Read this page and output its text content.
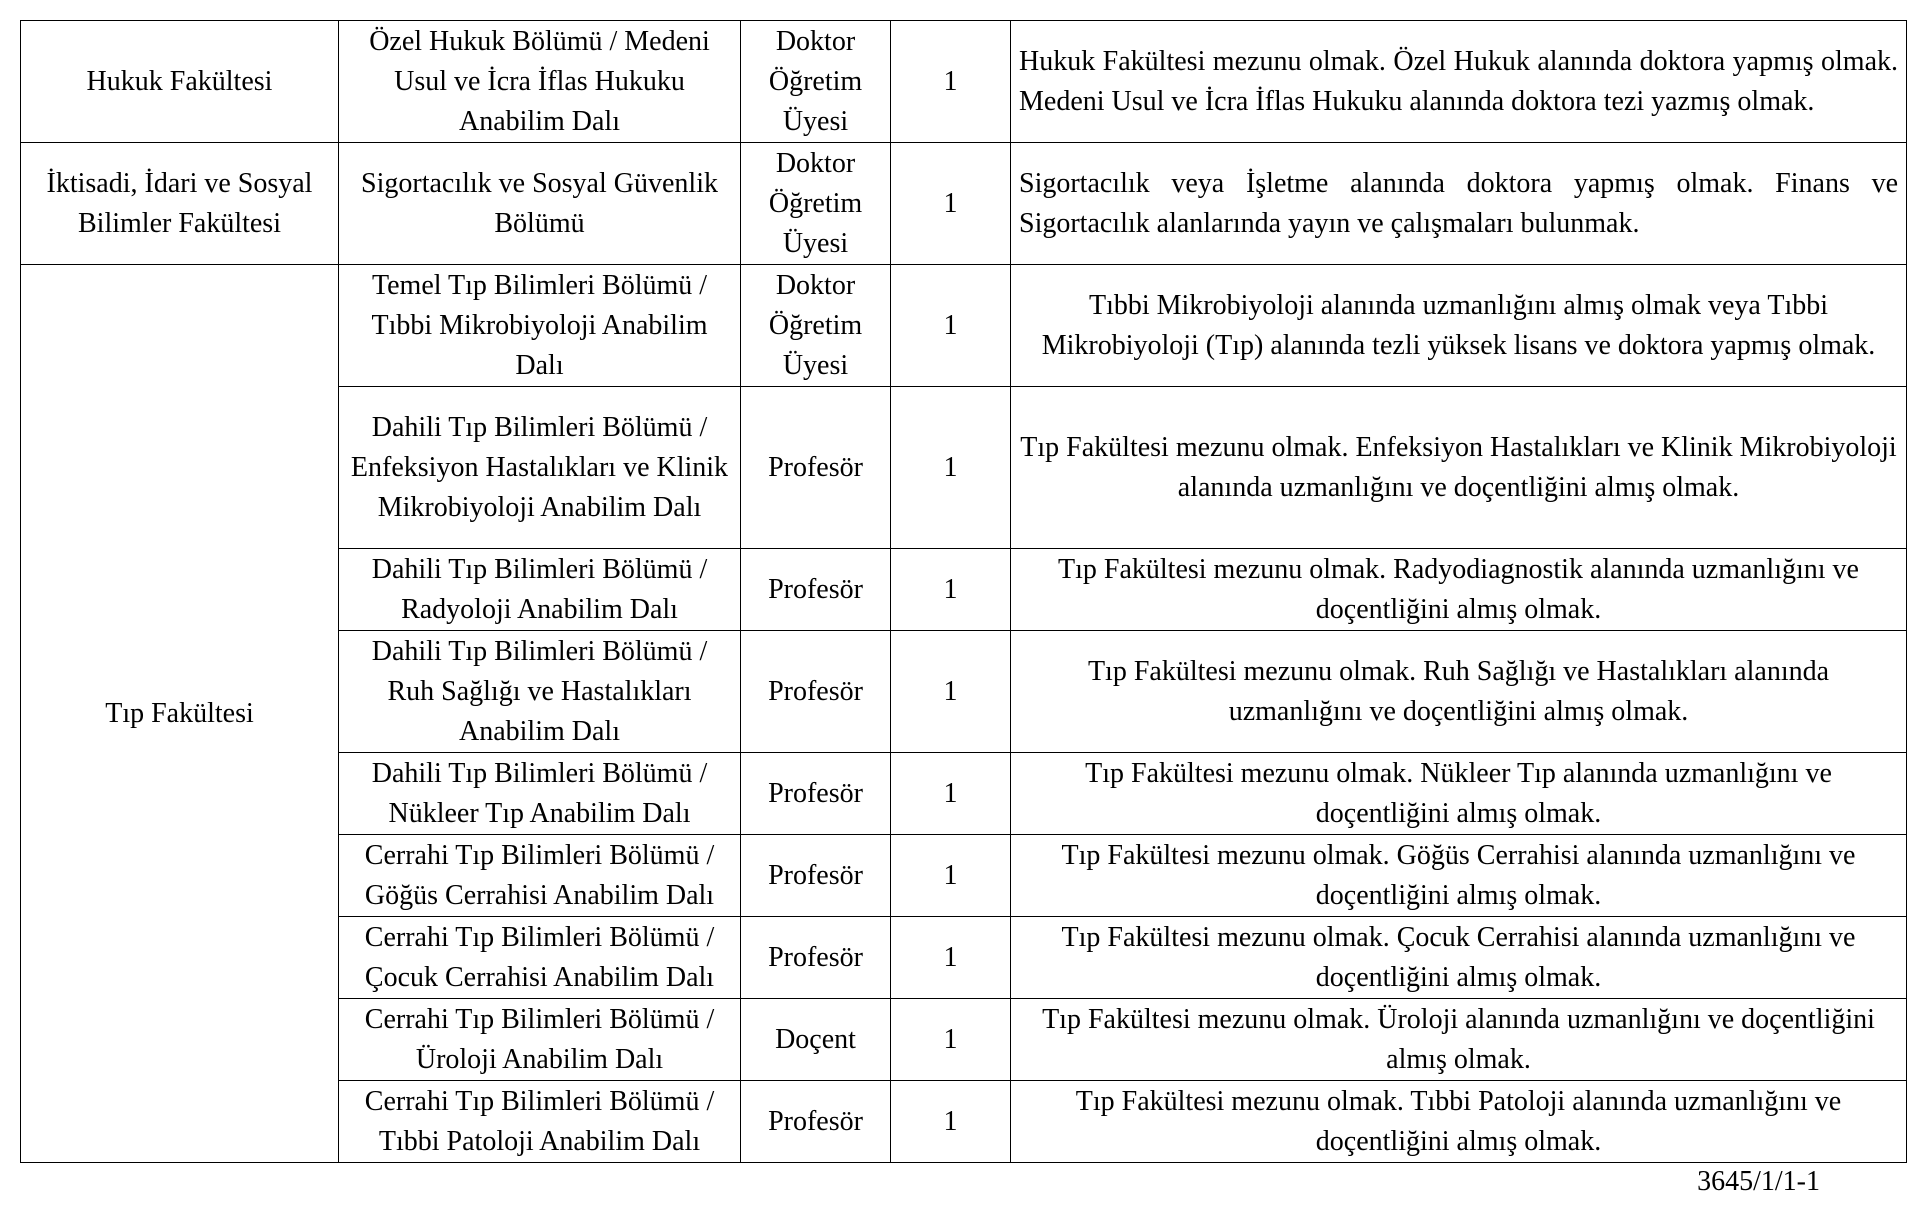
Hukuk Fakültesi	Özel Hukuk Bölümü / Medeni Usul ve İcra İflas Hukuku Anabilim Dalı	Doktor Öğretim Üyesi	1	Hukuk Fakültesi mezunu olmak. Özel Hukuk alanında doktora yapmış olmak. Medeni Usul ve İcra İflas Hukuku alanında doktora tezi yazmış olmak.
İktisadi, İdari ve Sosyal Bilimler Fakültesi	Sigortacılık ve Sosyal Güvenlik Bölümü	Doktor Öğretim Üyesi	1	Sigortacılık veya İşletme alanında doktora yapmış olmak. Finans ve Sigortacılık alanlarında yayın ve çalışmaları bulunmak.
Tıp Fakültesi	Temel Tıp Bilimleri Bölümü / Tıbbi Mikrobiyoloji Anabilim Dalı	Doktor Öğretim Üyesi	1	Tıbbi Mikrobiyoloji alanında uzmanlığını almış olmak veya Tıbbi Mikrobiyoloji (Tıp) alanında tezli yüksek lisans ve doktora yapmış olmak.
	Dahili Tıp Bilimleri Bölümü / Enfeksiyon Hastalıkları ve Klinik Mikrobiyoloji Anabilim Dalı	Profesör	1	Tıp Fakültesi mezunu olmak. Enfeksiyon Hastalıkları ve Klinik Mikrobiyoloji alanında uzmanlığını ve doçentliğini almış olmak.
	Dahili Tıp Bilimleri Bölümü / Radyoloji Anabilim Dalı	Profesör	1	Tıp Fakültesi mezunu olmak. Radyodiagnostik alanında uzmanlığını ve doçentliğini almış olmak.
	Dahili Tıp Bilimleri Bölümü / Ruh Sağlığı ve Hastalıkları Anabilim Dalı	Profesör	1	Tıp Fakültesi mezunu olmak. Ruh Sağlığı ve Hastalıkları alanında uzmanlığını ve doçentliğini almış olmak.
	Dahili Tıp Bilimleri Bölümü / Nükleer Tıp Anabilim Dalı	Profesör	1	Tıp Fakültesi mezunu olmak. Nükleer Tıp alanında uzmanlığını ve doçentliğini almış olmak.
	Cerrahi Tıp Bilimleri Bölümü / Göğüs Cerrahisi Anabilim Dalı	Profesör	1	Tıp Fakültesi mezunu olmak. Göğüs Cerrahisi alanında uzmanlığını ve doçentliğini almış olmak.
	Cerrahi Tıp Bilimleri Bölümü / Çocuk Cerrahisi Anabilim Dalı	Profesör	1	Tıp Fakültesi mezunu olmak. Çocuk Cerrahisi alanında uzmanlığını ve doçentliğini almış olmak.
	Cerrahi Tıp Bilimleri Bölümü / Üroloji Anabilim Dalı	Doçent	1	Tıp Fakültesi mezunu olmak. Üroloji alanında uzmanlığını ve doçentliğini almış olmak.
	Cerrahi Tıp Bilimleri Bölümü / Tıbbi Patoloji Anabilim Dalı	Profesör	1	Tıp Fakültesi mezunu olmak. Tıbbi Patoloji alanında uzmanlığını ve doçentliğini almış olmak.
3645/1/1-1
